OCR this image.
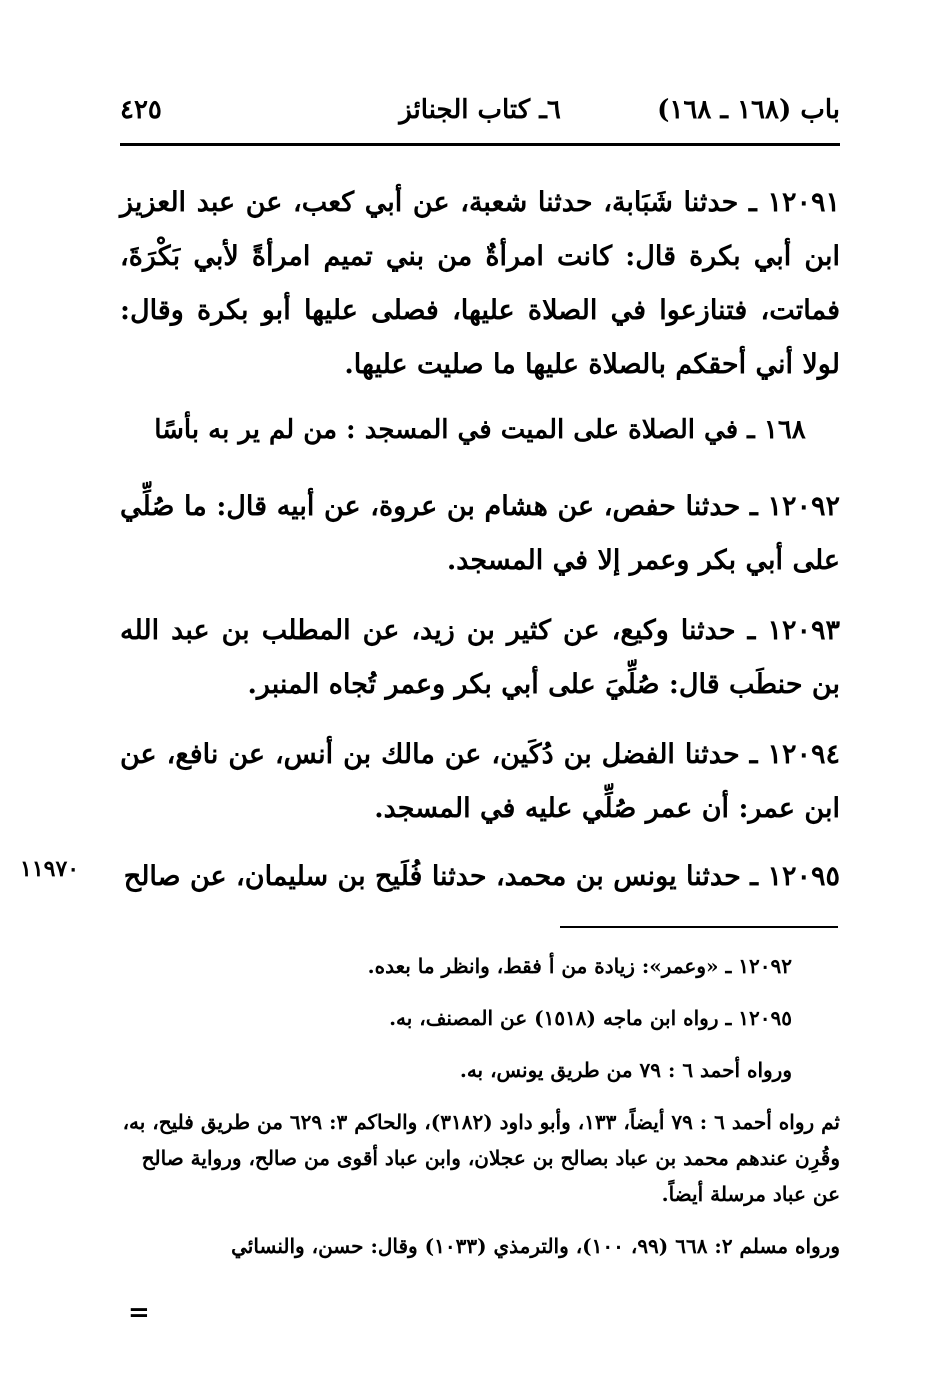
باب (١٦٨ ـ ١٦٨)
٦ـ كتاب الجنائز
٤٢٥
١٢٠٩١ ـ حدثنا شَبَابة، حدثنا شعبة، عن أبي كعب، عن عبد العزيز ابن أبي بكرة قال: كانت امرأةٌ من بني تميم امرأةً لأبي بَكْرَةَ، فماتت، فتنازعوا في الصلاة عليها، فصلى عليها أبو بكرة وقال: لولا أني أحقكم بالصلاة عليها ما صليت عليها.
١٦٨ ـ في الصلاة على الميت في المسجد : من لم ير به بأسًا
١٢٠٩٢ ـ حدثنا حفص، عن هشام بن عروة، عن أبيه قال: ما صُلِّي على أبي بكر وعمر إلا في المسجد.
١٢٠٩٣ ـ حدثنا وكيع، عن كثير بن زيد، عن المطلب بن عبد الله بن حنطَب قال: صُلِّيَ على أبي بكر وعمر تُجاه المنبر.
١٢٠٩٤ ـ حدثنا الفضل بن دُكَين، عن مالك بن أنس، عن نافع، عن ابن عمر: أن عمر صُلِّي عليه في المسجد.
١٢٠٩٥ ـ حدثنا يونس بن محمد، حدثنا فُلَيح بن سليمان، عن صالح
١١٩٧٠
١٢٠٩٢ ـ «وعمر»: زيادة من أ فقط، وانظر ما بعده.
١٢٠٩٥ ـ رواه ابن ماجه (١٥١٨) عن المصنف، به.
ورواه أحمد ٦ : ٧٩ من طريق يونس، به.
ثم رواه أحمد ٦ : ٧٩ أيضاً، ١٣٣، وأبو داود (٣١٨٢)، والحاكم ٣: ٦٢٩ من طريق فليح، به، وقُرِن عندهم محمد بن عباد بصالح بن عجلان، وابن عباد أقوى من صالح، ورواية صالح عن عباد مرسلة أيضاً.
ورواه مسلم ٢: ٦٦٨ (٩٩، ١٠٠)، والترمذي (١٠٣٣) وقال: حسن، والنسائي
=
